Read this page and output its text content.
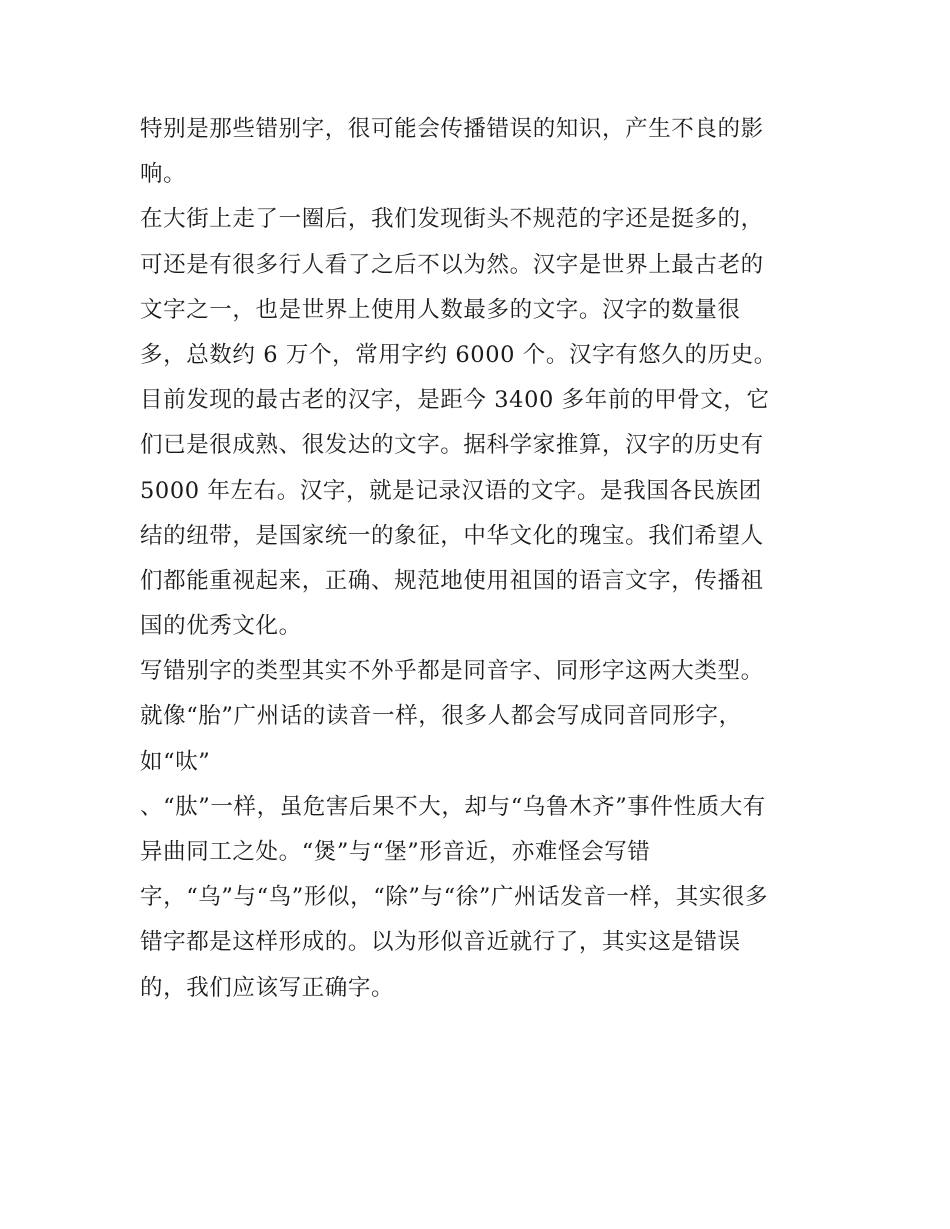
特别是那些错别字，很可能会传播错误的知识，产生不良的影
响。
在大街上走了一圈后，我们发现街头不规范的字还是挺多的，
可还是有很多行人看了之后不以为然。汉字是世界上最古老的
文字之一，也是世界上使用人数最多的文字。汉字的数量很
多，总数约 6 万个，常用字约 6000 个。汉字有悠久的历史。
目前发现的最古老的汉字，是距今 3400 多年前的甲骨文，它
们已是很成熟、很发达的文字。据科学家推算，汉字的历史有
5000 年左右。汉字，就是记录汉语的文字。是我国各民族团
结的纽带，是国家统一的象征，中华文化的瑰宝。我们希望人
们都能重视起来，正确、规范地使用祖国的语言文字，传播祖
国的优秀文化。
写错别字的类型其实不外乎都是同音字、同形字这两大类型。
就像“胎”广州话的读音一样，很多人都会写成同音同形字，
如“呔”
、“肽”一样，虽危害后果不大，却与“乌鲁木齐”事件性质大有
异曲同工之处。“煲”与“堡”形音近，亦难怪会写错
字，“乌”与“鸟”形似，“除”与“徐”广州话发音一样，其实很多
错字都是这样形成的。以为形似音近就行了，其实这是错误
的，我们应该写正确字。
